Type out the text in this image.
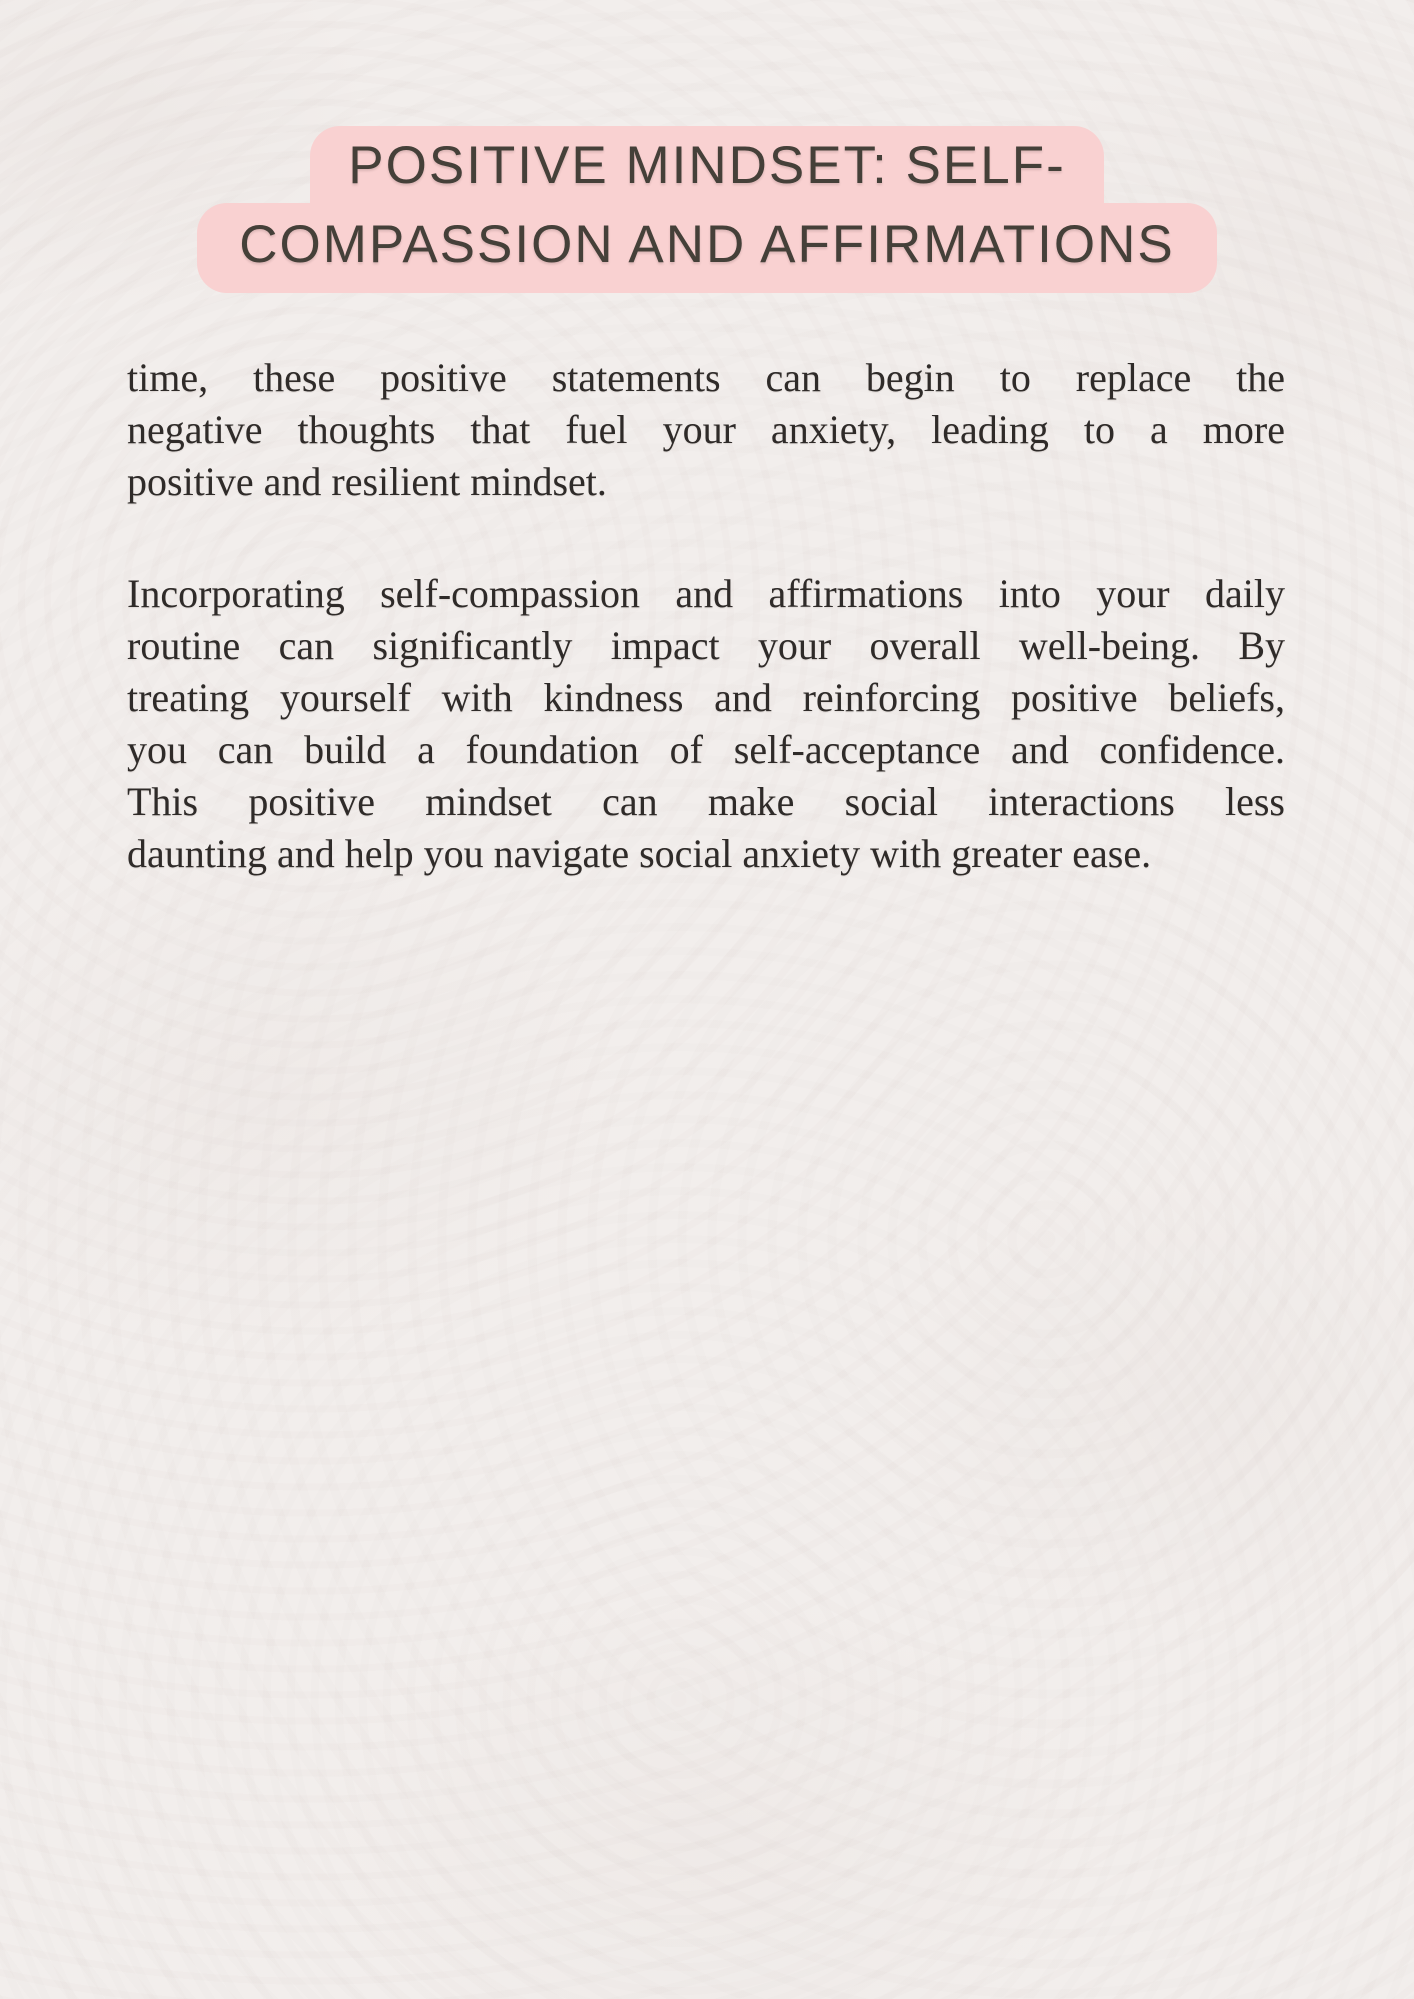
POSITIVE MINDSET: SELF-
COMPASSION AND AFFIRMATIONS
time, these positive statements can begin to replace the
negative thoughts that fuel your anxiety, leading to a more
positive and resilient mindset.
Incorporating self-compassion and affirmations into your daily
routine can significantly impact your overall well-being. By
treating yourself with kindness and reinforcing positive beliefs,
you can build a foundation of self-acceptance and confidence.
This positive mindset can make social interactions less
daunting and help you navigate social anxiety with greater ease.
